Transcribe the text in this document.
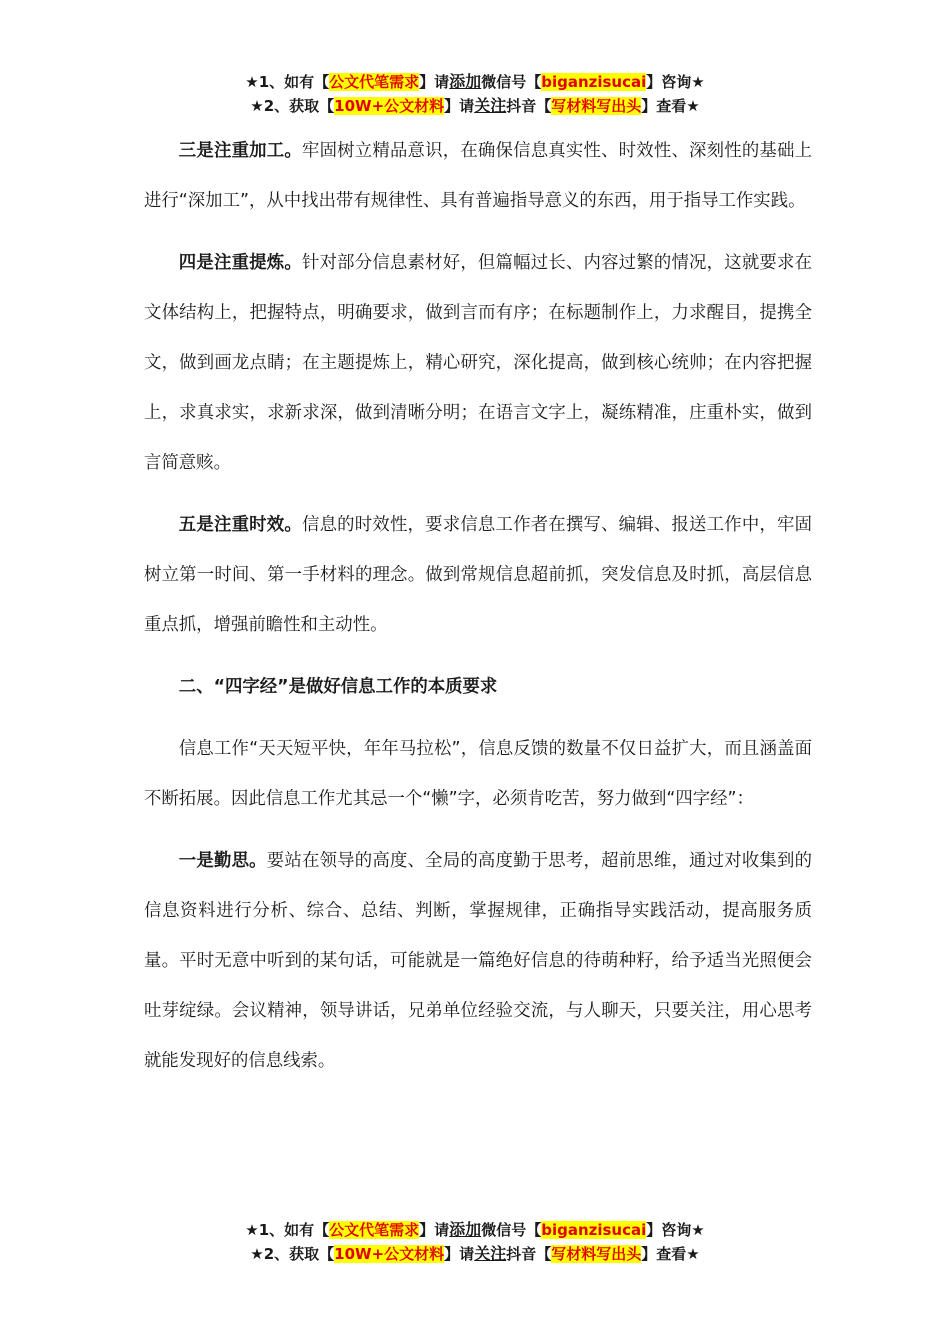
★1、如有【公文代笔需求】请添加微信号【biganzisucai】咨询★
★2、获取【10W+公文材料】请关注抖音【写材料写出头】查看★

三是注重加工。牢固树立精品意识，在确保信息真实性、时效性、深刻性的基础上进行“深加工”，从中找出带有规律性、具有普遍指导意义的东西，用于指导工作实践。

四是注重提炼。针对部分信息素材好，但篇幅过长、内容过繁的情况，这就要求在文体结构上，把握特点，明确要求，做到言而有序；在标题制作上，力求醒目，提携全文，做到画龙点睛；在主题提炼上，精心研究，深化提高，做到核心统帅；在内容把握上，求真求实，求新求深，做到清晰分明；在语言文字上，凝练精准，庄重朴实，做到言简意赅。

五是注重时效。信息的时效性，要求信息工作者在撰写、编辑、报送工作中，牢固树立第一时间、第一手材料的理念。做到常规信息超前抓，突发信息及时抓，高层信息重点抓，增强前瞻性和主动性。

二、“四字经”是做好信息工作的本质要求

信息工作“天天短平快，年年马拉松”，信息反馈的数量不仅日益扩大，而且涵盖面不断拓展。因此信息工作尤其忌一个“懒”字，必须肯吃苦，努力做到“四字经”：

一是勤思。要站在领导的高度、全局的高度勤于思考，超前思维，通过对收集到的信息资料进行分析、综合、总结、判断，掌握规律，正确指导实践活动，提高服务质量。平时无意中听到的某句话，可能就是一篇绝好信息的待萌种籽，给予适当光照便会吐芽绽绿。会议精神，领导讲话，兄弟单位经验交流，与人聊天，只要关注，用心思考就能发现好的信息线索。

★1、如有【公文代笔需求】请添加微信号【biganzisucai】咨询★
★2、获取【10W+公文材料】请关注抖音【写材料写出头】查看★
